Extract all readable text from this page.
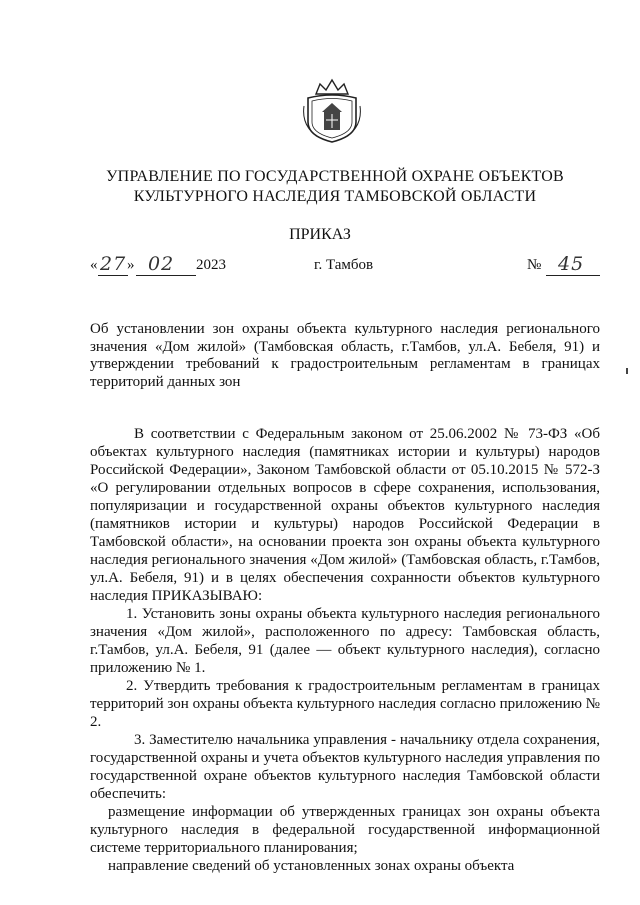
УПРАВЛЕНИЕ ПО ГОСУДАРСТВЕННОЙ ОХРАНЕ ОБЪЕКТОВ
КУЛЬТУРНОГО НАСЛЕДИЯ ТАМБОВСКОЙ ОБЛАСТИ
ПРИКАЗ
« 27 » 02 2023	г. Тамбов	№ 45
Об установлении зон охраны объекта культурного наследия регионального значения «Дом жилой» (Тамбовская область, г.Тамбов, ул.А. Бебеля, 91) и утверждении требований к градостроительным регламентам в границах территорий данных зон

В соответствии с Федеральным законом от 25.06.2002 № 73-ФЗ «Об объектах культурного наследия (памятниках истории и культуры) народов Российской Федерации», Законом Тамбовской области от 05.10.2015 № 572-З «О регулировании отдельных вопросов в сфере сохранения, использования, популяризации и государственной охраны объектов культурного наследия (памятников истории и культуры) народов Российской Федерации в Тамбовской области», на основании проекта зон охраны объекта культурного наследия регионального значения «Дом жилой» (Тамбовская область, г.Тамбов, ул.А. Бебеля, 91) и в целях обеспечения сохранности объектов культурного наследия ПРИКАЗЫВАЮ:

1. Установить зоны охраны объекта культурного наследия регионального значения «Дом жилой», расположенного по адресу: Тамбовская область, г.Тамбов, ул.А. Бебеля, 91 (далее — объект культурного наследия), согласно приложению № 1.

2. Утвердить требования к градостроительным регламентам в границах территорий зон охраны объекта культурного наследия согласно приложению № 2.

3. Заместителю начальника управления - начальнику отдела сохранения, государственной охраны и учета объектов культурного наследия управления по государственной охране объектов культурного наследия Тамбовской области обеспечить:

размещение информации об утвержденных границах зон охраны объекта культурного наследия в федеральной государственной информационной системе территориального планирования;

направление сведений об установленных зонах охраны объекта
